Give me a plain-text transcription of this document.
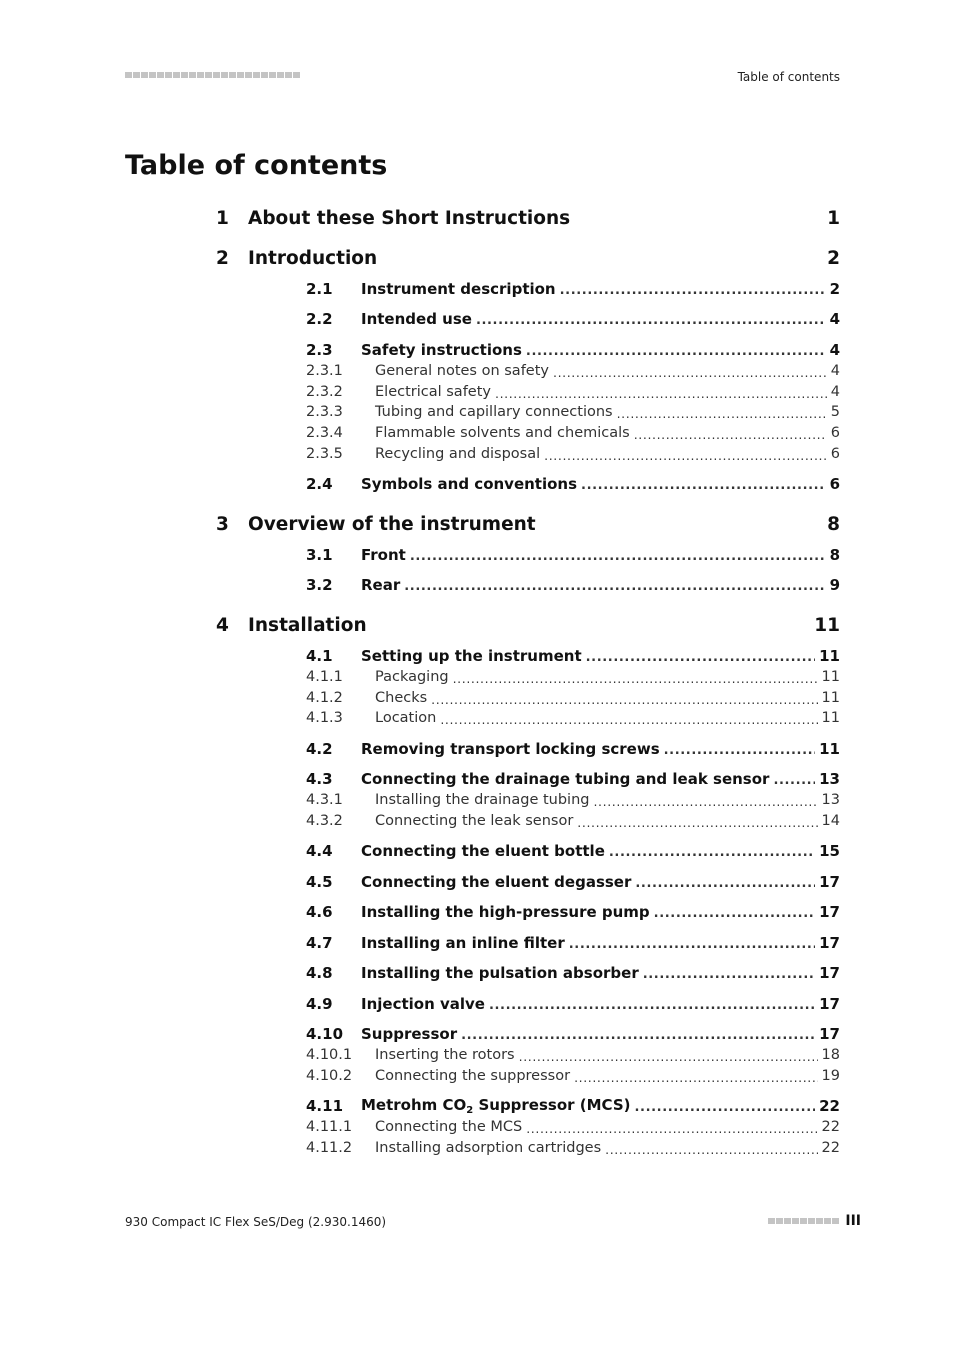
Table of contents
Table of contents
1	About these Short Instructions	1
2	Introduction	2
2.1	Instrument description .....	2
2.2	Intended use .....	4
2.3	Safety instructions .....	4
2.3.1	General notes on safety .....	4
2.3.2	Electrical safety .....	4
2.3.3	Tubing and capillary connections .....	5
2.3.4	Flammable solvents and chemicals .....	6
2.3.5	Recycling and disposal .....	6
2.4	Symbols and conventions .....	6
3	Overview of the instrument	8
3.1	Front .....	8
3.2	Rear .....	9
4	Installation	11
4.1	Setting up the instrument .....	11
4.1.1	Packaging .....	11
4.1.2	Checks .....	11
4.1.3	Location .....	11
4.2	Removing transport locking screws .....	11
4.3	Connecting the drainage tubing and leak sensor .....	13
4.3.1	Installing the drainage tubing .....	13
4.3.2	Connecting the leak sensor .....	14
4.4	Connecting the eluent bottle .....	15
4.5	Connecting the eluent degasser .....	17
4.6	Installing the high-pressure pump .....	17
4.7	Installing an inline filter .....	17
4.8	Installing the pulsation absorber .....	17
4.9	Injection valve .....	17
4.10	Suppressor .....	17
4.10.1	Inserting the rotors .....	18
4.10.2	Connecting the suppressor .....	19
4.11	Metrohm $CO_2$ Suppressor (MCS) .....	22
4.11.1	Connecting the MCS .....	22
4.11.2	Installing adsorption cartridges .....	22
930 Compact IC Flex SeS/Deg (2.930.1460)	III
